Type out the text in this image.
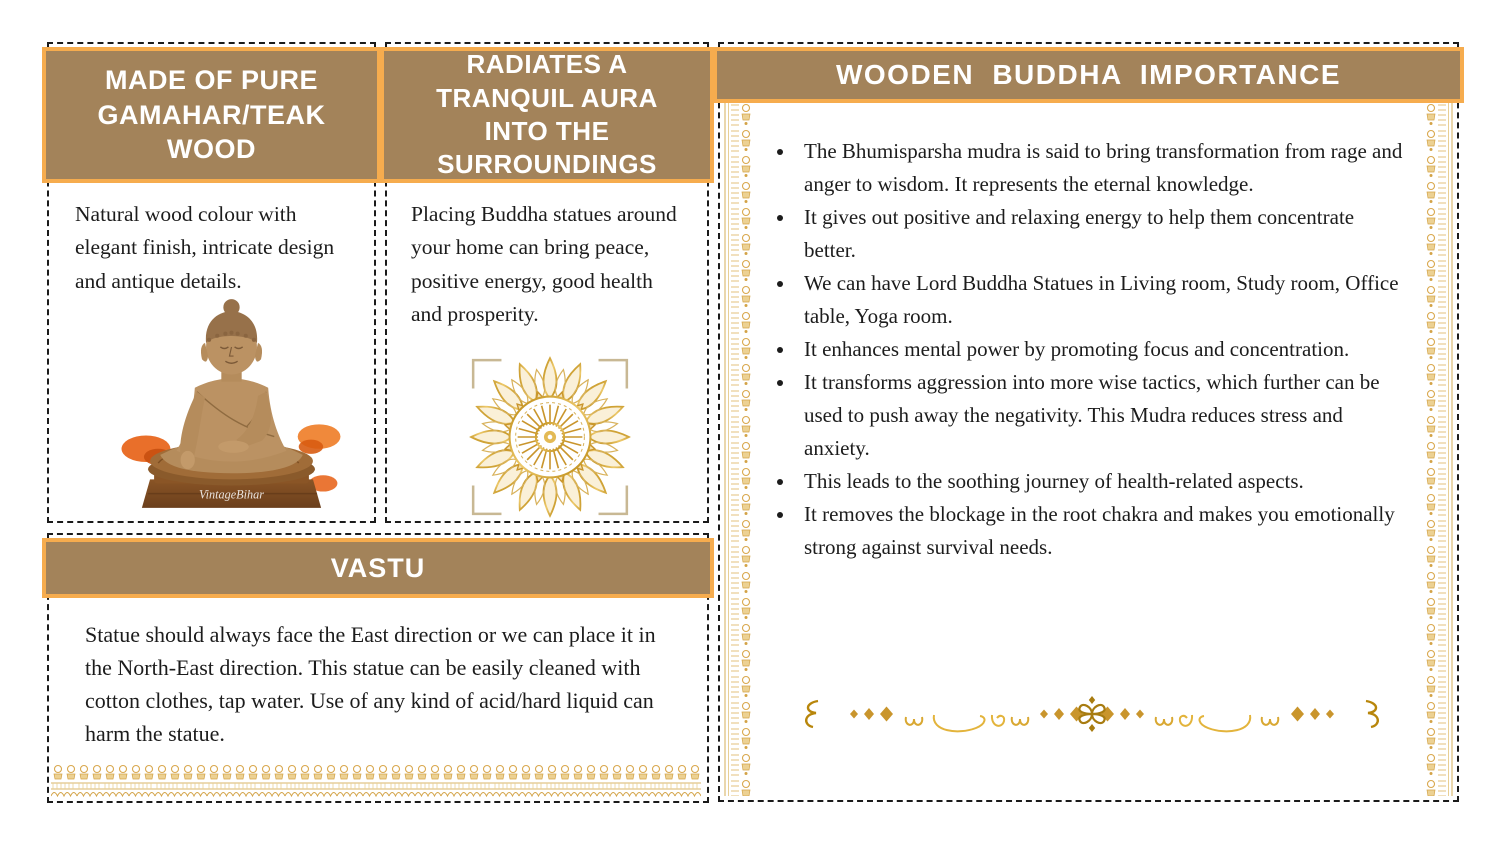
MADE OF PURE GAMAHAR/TEAK WOOD
Natural wood colour with elegant finish, intricate design and antique details.
VintageBihar
RADIATES A TRANQUIL AURA INTO THE SURROUNDINGS
Placing Buddha statues around your home can bring peace, positive energy, good health and prosperity.
VASTU
Statue should always face the East direction or we can place it in the North-East direction. This statue can be easily cleaned with cotton clothes, tap water. Use of any kind of acid/hard liquid can harm the statue.
WOODEN BUDDHA IMPORTANCE
• The Bhumisparsha mudra is said to bring transformation from rage and anger to wisdom. It represents the eternal knowledge.
• It gives out positive and relaxing energy to help them concentrate better.
• We can have Lord Buddha Statues in Living room, Study room, Office table, Yoga room.
• It enhances mental power by promoting focus and concentration.
• It transforms aggression into more wise tactics, which further can be used to push away the negativity. This Mudra reduces stress and anxiety.
• This leads to the soothing journey of health-related aspects.
• It removes the blockage in the root chakra and makes you emotionally strong against survival needs.
